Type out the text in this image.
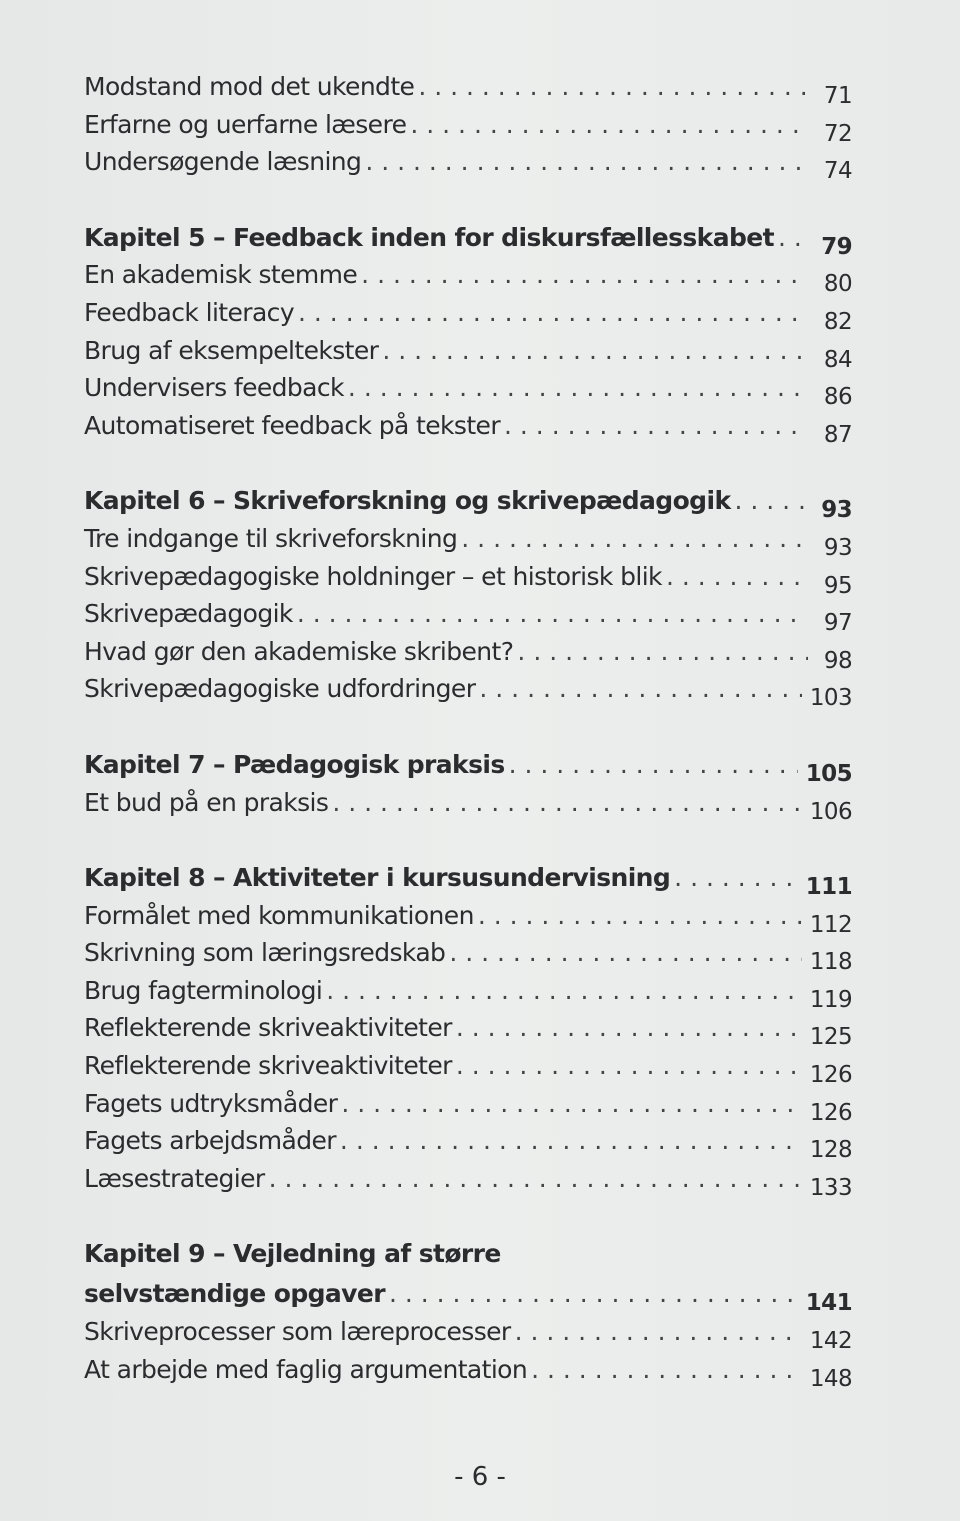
Modstand mod det ukendte . . .	71
Erfarne og uerfarne læsere . . .	72
Undersøgende læsning . . .	74
Kapitel 5 – Feedback inden for diskursfællesskabet . . . 79
En akademisk stemme . . .	80
Feedback literacy . . .	82
Brug af eksempeltekster . . .	84
Undervisers feedback . . .	86
Automatiseret feedback på tekster . . .	87
Kapitel 6 – Skriveforskning og skrivepædagogik . . .	93
Tre indgange til skriveforskning . . .	93
Skrivepædagogiske holdninger – et historisk blik . . .	95
Skrivepædagogik . . .	97
Hvad gør den akademiske skribent? . . .	98
Skrivepædagogiske udfordringer . . .	103
Kapitel 7 – Pædagogisk praksis . . .	105
Et bud på en praksis . . .	106
Kapitel 8 – Aktiviteter i kursusundervisning . . .	111
Formålet med kommunikationen . . .	112
Skrivning som læringsredskab . . .	118
Brug fagterminologi . . .	119
Reflekterende skriveaktiviteter . . .	125
Reflekterende skriveaktiviteter . . .	126
Fagets udtryksmåder . . .	126
Fagets arbejdsmåder . . .	128
Læsestrategier . . .	133
Kapitel 9 – Vejledning af større
selvstændige opgaver . . .	141
Skriveprocesser som læreprocesser . . .	142
At arbejde med faglig argumentation . . .	148
- 6 -
